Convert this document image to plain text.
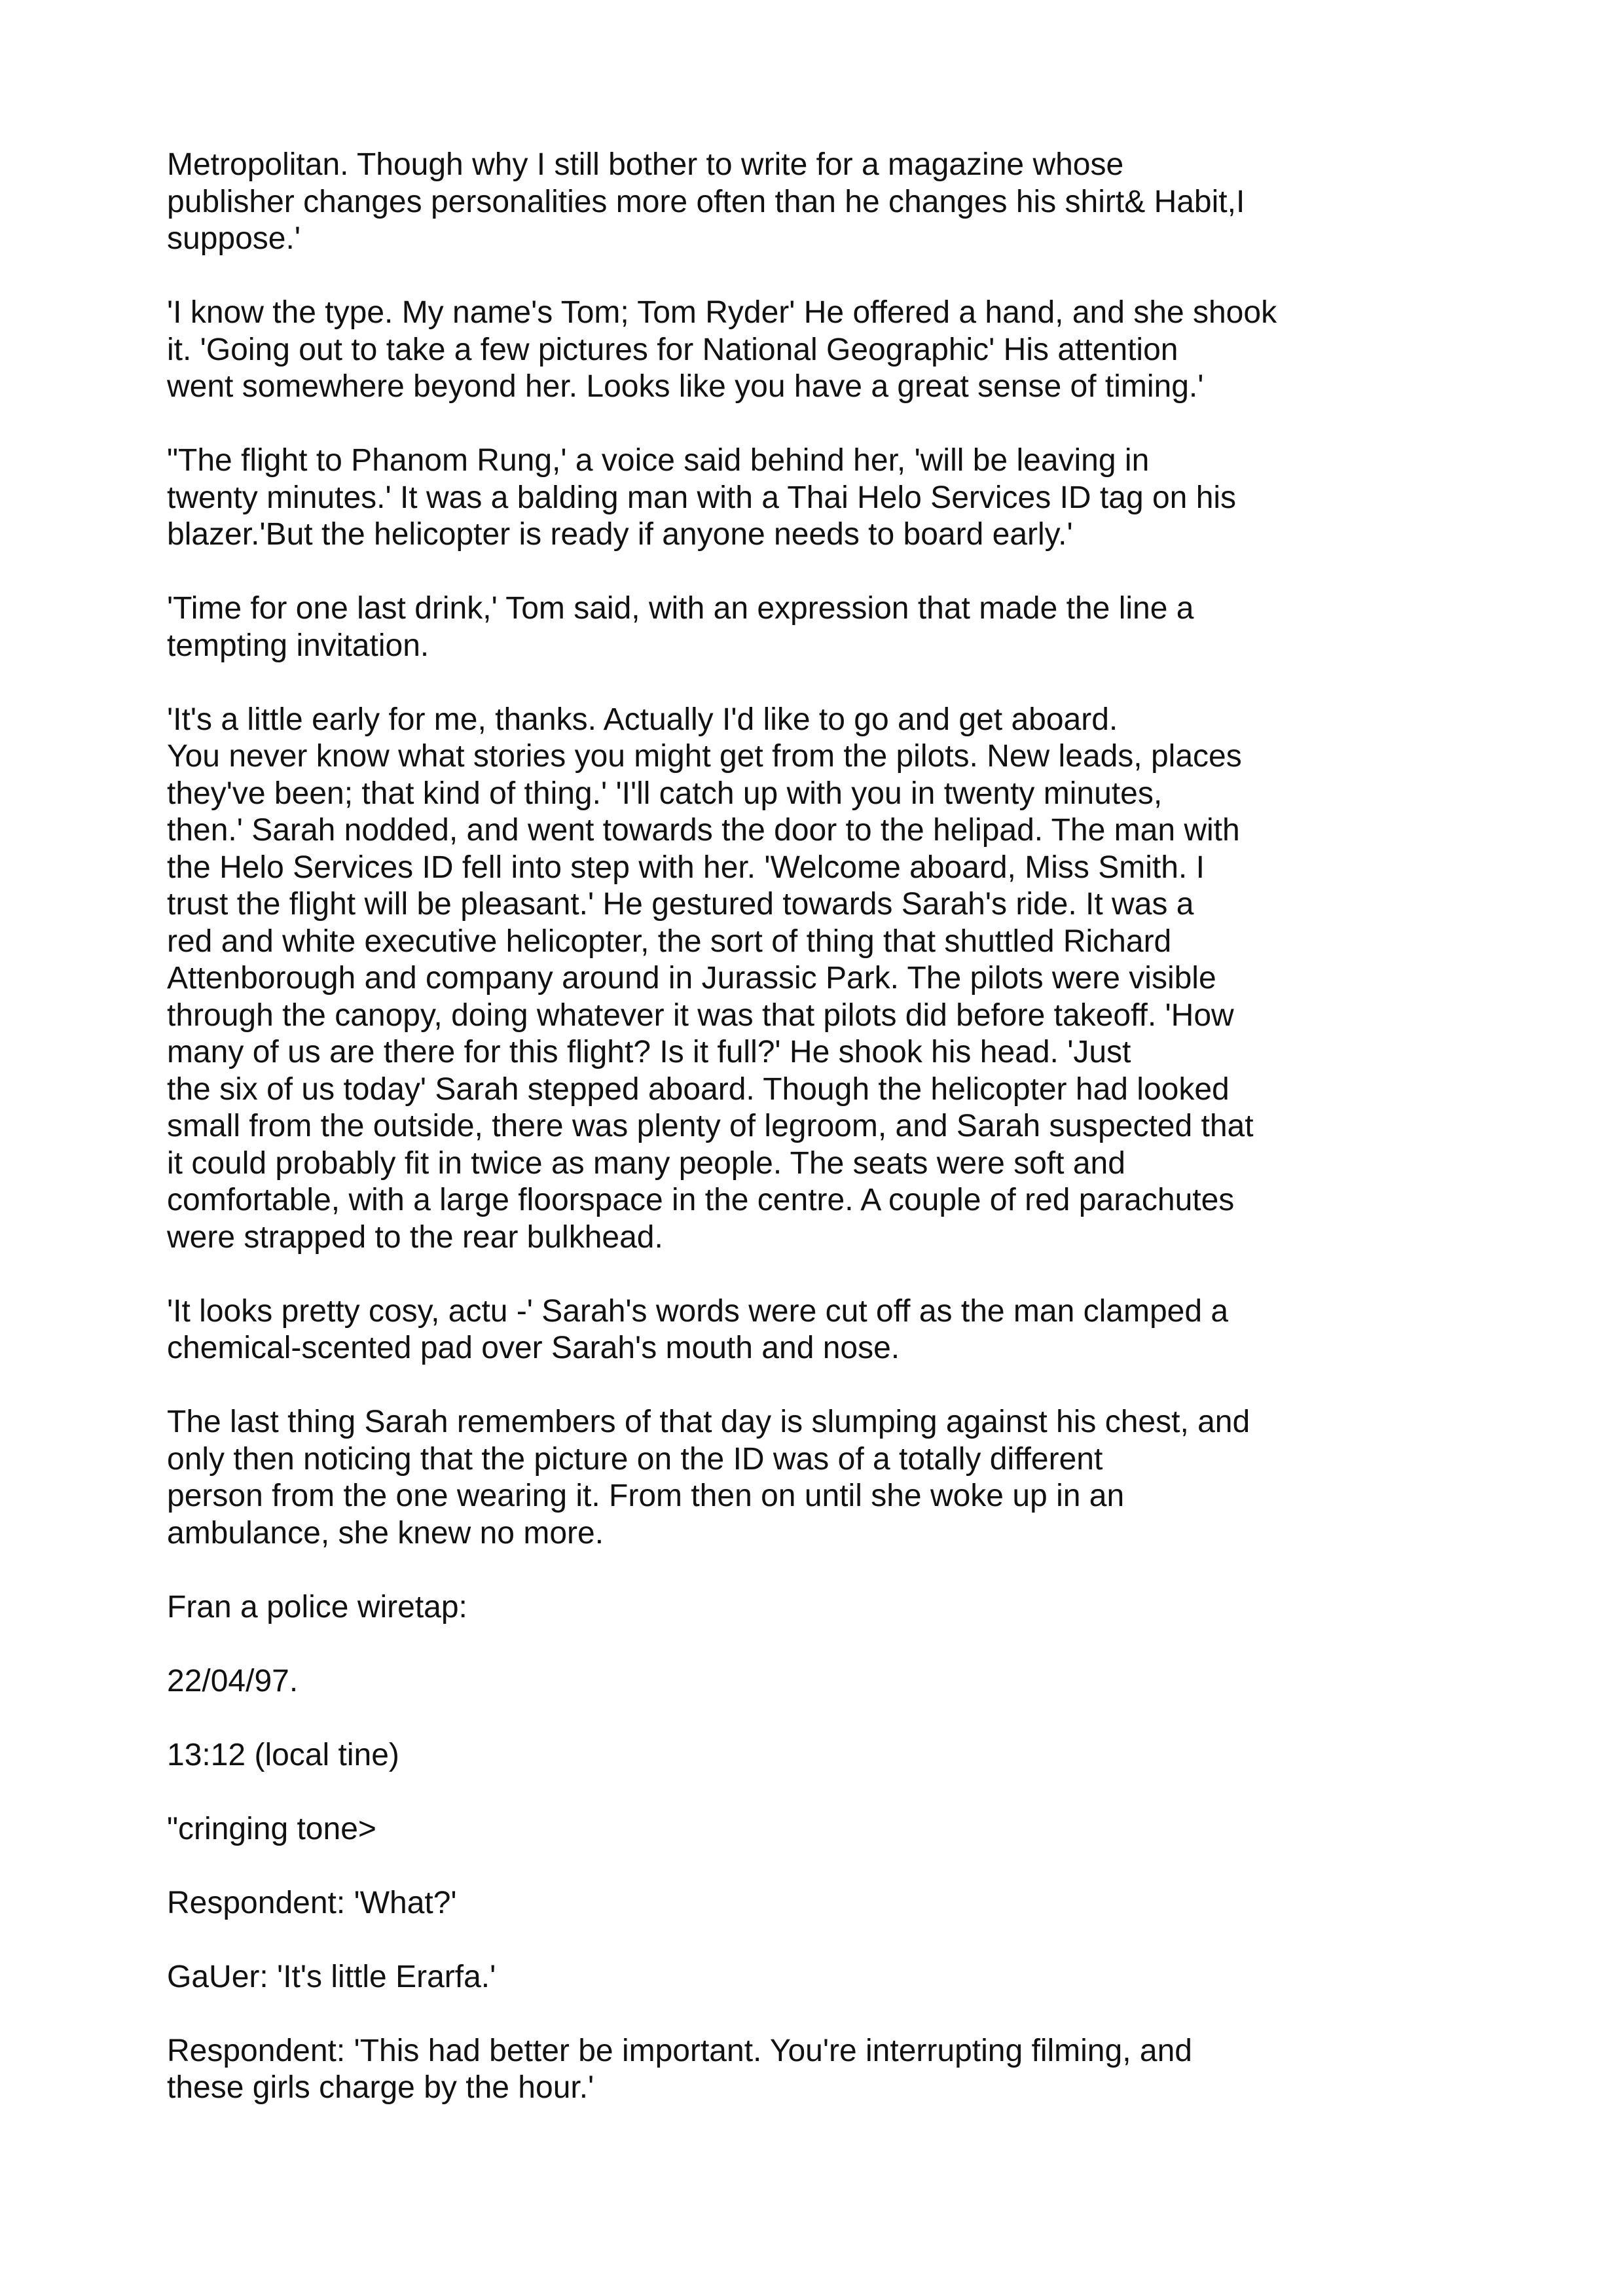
Metropolitan. Though why I still bother to write for a magazine whose
publisher changes personalities more often than he changes his shirt& Habit,I
suppose.'

'I know the type. My name's Tom; Tom Ryder' He offered a hand, and she shook
it. 'Going out to take a few pictures for National Geographic' His attention
went somewhere beyond her. Looks like you have a great sense of timing.'

"The flight to Phanom Rung,' a voice said behind her, 'will be leaving in
twenty minutes.' It was a balding man with a Thai Helo Services ID tag on his
blazer.'But the helicopter is ready if anyone needs to board early.'

'Time for one last drink,' Tom said, with an expression that made the line a
tempting invitation.

'It's a little early for me, thanks. Actually I'd like to go and get aboard.
You never know what stories you might get from the pilots. New leads, places
they've been; that kind of thing.' 'I'll catch up with you in twenty minutes,
then.' Sarah nodded, and went towards the door to the helipad. The man with
the Helo Services ID fell into step with her. 'Welcome aboard, Miss Smith. I
trust the flight will be pleasant.' He gestured towards Sarah's ride. It was a
red and white executive helicopter, the sort of thing that shuttled Richard
Attenborough and company around in Jurassic Park. The pilots were visible
through the canopy, doing whatever it was that pilots did before takeoff. 'How
many of us are there for this flight? Is it full?' He shook his head. 'Just
the six of us today' Sarah stepped aboard. Though the helicopter had looked
small from the outside, there was plenty of legroom, and Sarah suspected that
it could probably fit in twice as many people. The seats were soft and
comfortable, with a large floorspace in the centre. A couple of red parachutes
were strapped to the rear bulkhead.

'It looks pretty cosy, actu -' Sarah's words were cut off as the man clamped a
chemical-scented pad over Sarah's mouth and nose.

The last thing Sarah remembers of that day is slumping against his chest, and
only then noticing that the picture on the ID was of a totally different
person from the one wearing it. From then on until she woke up in an
ambulance, she knew no more.

Fran a police wiretap:

22/04/97.

13:12 (local tine)

"cringing tone>

Respondent: 'What?'

GaUer: 'It's little Erarfa.'

Respondent: 'This had better be important. You're interrupting filming, and
these girls charge by the hour.'
